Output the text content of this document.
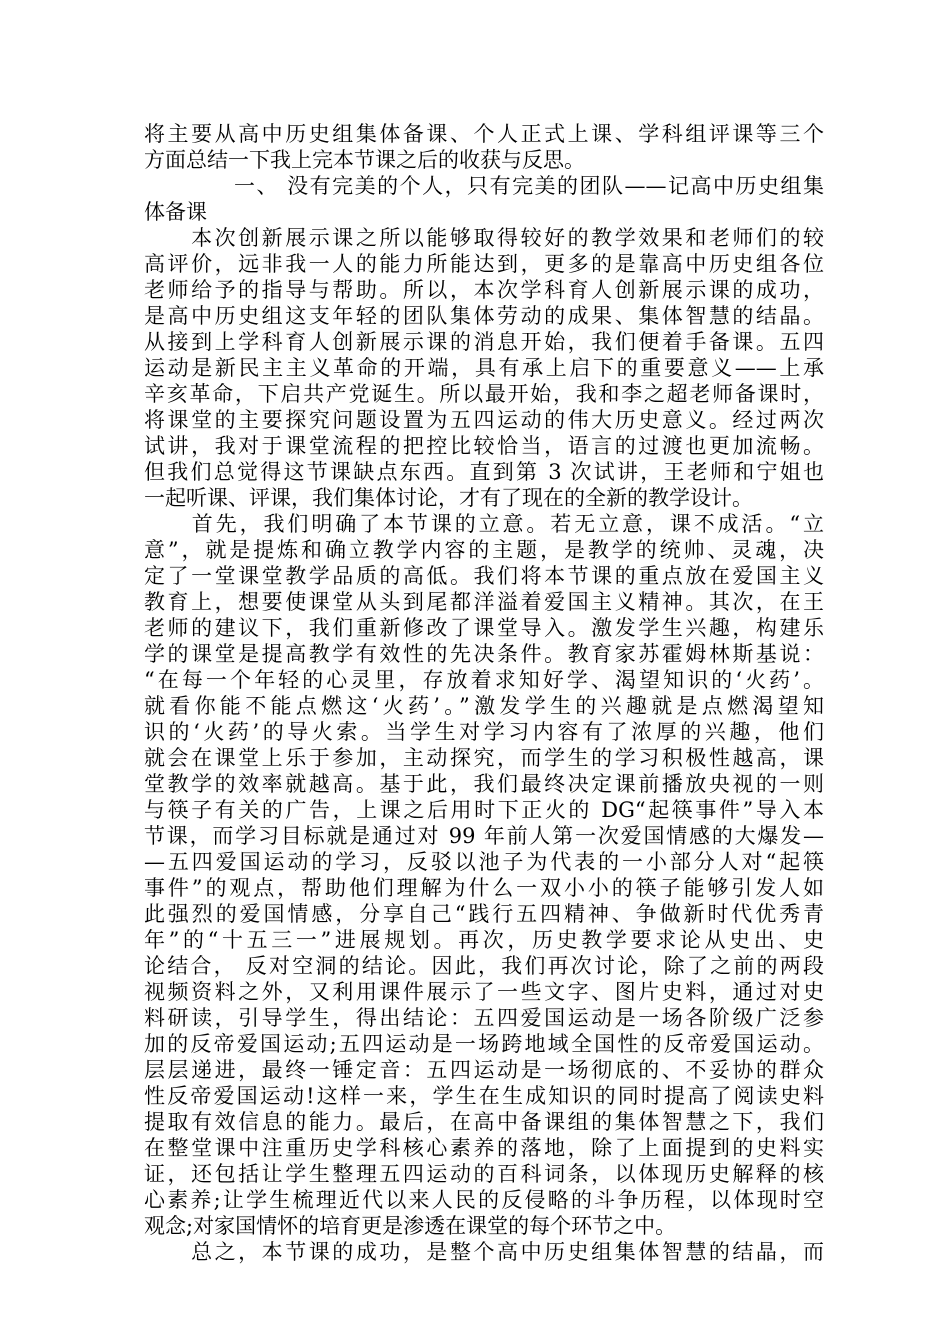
将主要从高中历史组集体备课、个人正式上课、学科组评课等三个
方面总结一下我上完本节课之后的收获与反思。
　　　　一、 没有完美的个人，只有完美的团队——记高中历史组集
体备课
　　本次创新展示课之所以能够取得较好的教学效果和老师们的较
高评价，远非我一人的能力所能达到，更多的是靠高中历史组各位
老师给予的指导与帮助。所以，本次学科育人创新展示课的成功，
是高中历史组这支年轻的团队集体劳动的成果、集体智慧的结晶。
从接到上学科育人创新展示课的消息开始，我们便着手备课。五四
运动是新民主主义革命的开端，具有承上启下的重要意义——上承
辛亥革命，下启共产党诞生。所以最开始，我和李之超老师备课时，
将课堂的主要探究问题设置为五四运动的伟大历史意义。经过两次
试讲，我对于课堂流程的把控比较恰当，语言的过渡也更加流畅。
但我们总觉得这节课缺点东西。直到第 3 次试讲，王老师和宁姐也
一起听课、评课，我们集体讨论，才有了现在的全新的教学设计。
　　首先，我们明确了本节课的立意。若无立意，课不成活。“立
意”，就是提炼和确立教学内容的主题，是教学的统帅、灵魂，决
定了一堂课堂教学品质的高低。我们将本节课的重点放在爱国主义
教育上，想要使课堂从头到尾都洋溢着爱国主义精神。其次，在王
老师的建议下，我们重新修改了课堂导入。激发学生兴趣，构建乐
学的课堂是提高教学有效性的先决条件。教育家苏霍姆林斯基说：
“在每一个年轻的心灵里，存放着求知好学、渴望知识的‘火药’。
就看你能不能点燃这‘火药’。”激发学生的兴趣就是点燃渴望知
识的‘火药’的导火索。当学生对学习内容有了浓厚的兴趣，他们
就会在课堂上乐于参加，主动探究，而学生的学习积极性越高，课
堂教学的效率就越高。基于此，我们最终决定课前播放央视的一则
与筷子有关的广告，上课之后用时下正火的 DG“起筷事件”导入本
节课，而学习目标就是通过对 99 年前人第一次爱国情感的大爆发—
—五四爱国运动的学习，反驳以池子为代表的一小部分人对“起筷
事件”的观点，帮助他们理解为什么一双小小的筷子能够引发人如
此强烈的爱国情感，分享自己“践行五四精神、争做新时代优秀青
年”的“十五三一”进展规划。再次，历史教学要求论从史出、史
论结合， 反对空洞的结论。因此，我们再次讨论，除了之前的两段
视频资料之外，又利用课件展示了一些文字、图片史料，通过对史
料研读，引导学生，得出结论：五四爱国运动是一场各阶级广泛参
加的反帝爱国运动;五四运动是一场跨地域全国性的反帝爱国运动。
层层递进，最终一锤定音：五四运动是一场彻底的、不妥协的群众
性反帝爱国运动!这样一来，学生在生成知识的同时提高了阅读史料
提取有效信息的能力。最后，在高中备课组的集体智慧之下，我们
在整堂课中注重历史学科核心素养的落地，除了上面提到的史料实
证，还包括让学生整理五四运动的百科词条，以体现历史解释的核
心素养;让学生梳理近代以来人民的反侵略的斗争历程，以体现时空
观念;对家国情怀的培育更是渗透在课堂的每个环节之中。
　　总之，本节课的成功，是整个高中历史组集体智慧的结晶，而
